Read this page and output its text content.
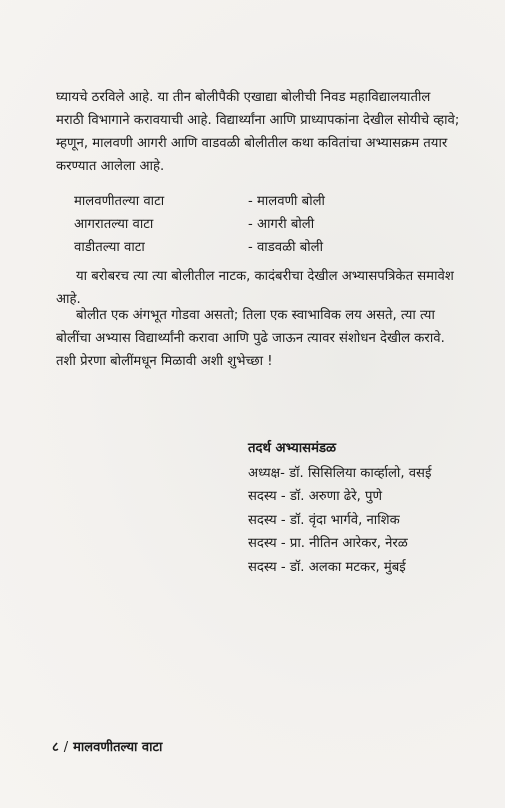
घ्यायचे ठरविले आहे. या तीन बोलीपैकी एखाद्या बोलीची निवड महाविद्यालयातील मराठी विभागाने करावयाची आहे. विद्यार्थ्यांना आणि प्राध्यापकांना देखील सोयीचे व्हावे; म्हणून, मालवणी आगरी आणि वाडवळी बोलीतील कथा कवितांचा अभ्यासक्रम तयार करण्यात आलेला आहे.

मालवणीतल्या वाटा	- मालवणी बोली
आगरातल्या वाटा	- आगरी बोली
वाडीतल्या वाटा	- वाडवळी बोली

या बरोबरच त्या त्या बोलीतील नाटक, कादंबरीचा देखील अभ्यासपत्रिकेत समावेश आहे.

बोलीत एक अंगभूत गोडवा असतो; तिला एक स्वाभाविक लय असते, त्या त्या बोलींचा अभ्यास विद्यार्थ्यांनी करावा आणि पुढे जाऊन त्यावर संशोधन देखील करावे. तशी प्रेरणा बोलींमधून मिळावी अशी शुभेच्छा !

तदर्थ अभ्यासमंडळ
अध्यक्ष- डॉ. सिसिलिया कार्व्हालो, वसई
सदस्य - डॉ. अरुणा ढेरे, पुणे
सदस्य - डॉ. वृंदा भार्गवे, नाशिक
सदस्य - प्रा. नीतिन आरेकर, नेरळ
सदस्य - डॉ. अलका मटकर, मुंबई
८ / मालवणीतल्या वाटा
